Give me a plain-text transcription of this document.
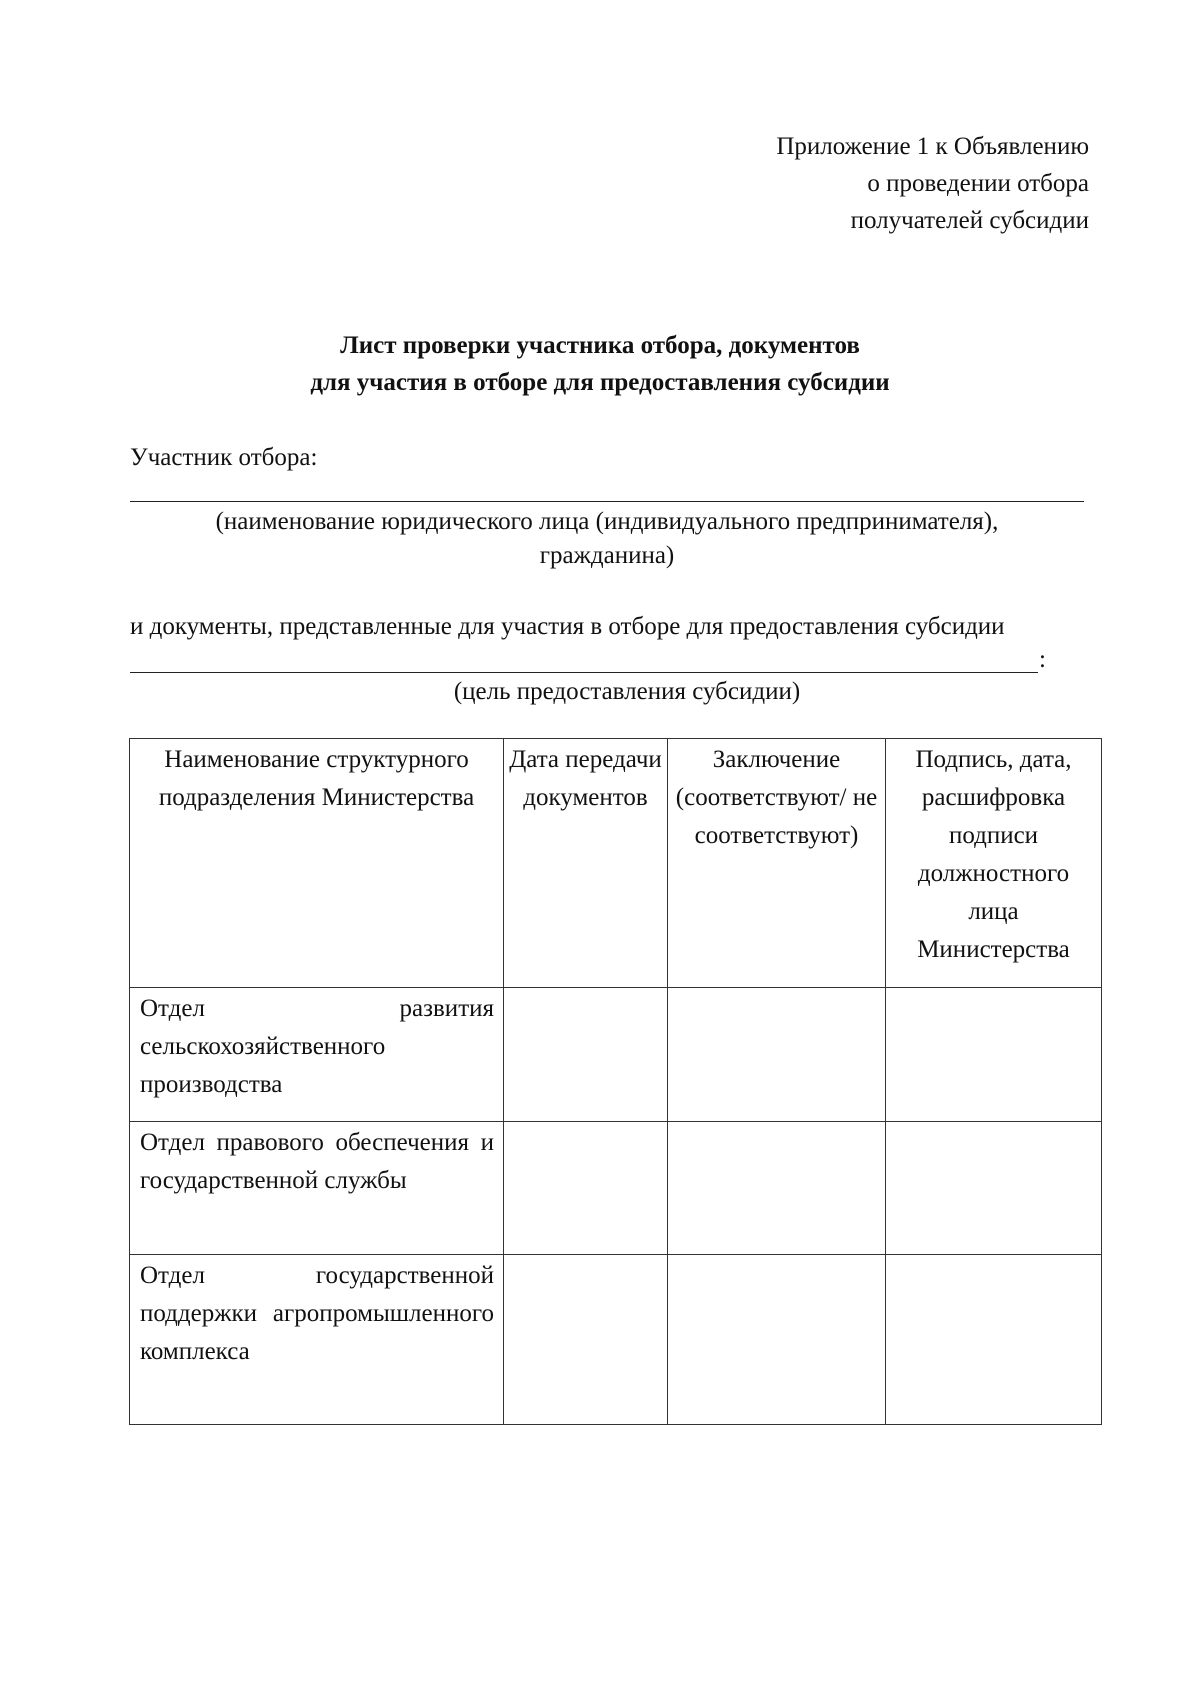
Приложение 1 к Объявлению
о проведении отбора
получателей субсидии
Лист проверки участника отбора, документов
для участия в отборе для предоставления субсидии
Участник отбора:
(наименование юридического лица (индивидуального предпринимателя),
гражданина)
и документы, представленные для участия в отборе для предоставления субсидии
:
(цель предоставления субсидии)
Наименование структурного подразделения Министерства	Дата передачи документов	Заключение (соответствуют/ не соответствуют)	Подпись, дата, расшифровка подписи должностного лица Министерства
Отдел развития сельскохозяйственного производства			
Отдел правового обеспечения и государственной службы			
Отдел государственной поддержки агропромышленного комплекса			
